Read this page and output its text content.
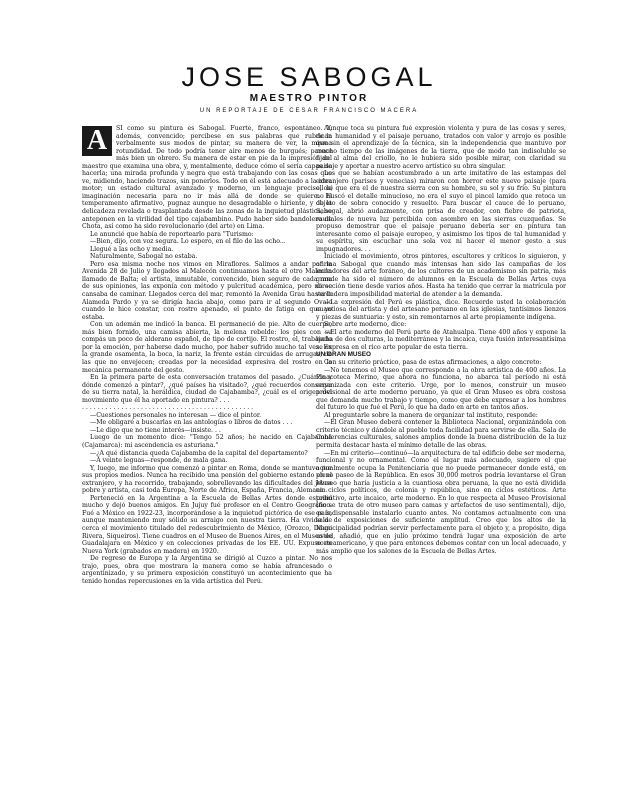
JOSE SABOGAL
MAESTRO PINTOR
UN REPORTAJE DE CESAR FRANCISCO MACERA
A	SI como su pintura es Sabogal. Fuerte, franco, espontáneo. Y, además, convencido; percibese en sus palabras que rubrican verbalmente sus modos de pintar, su manera de ver, la misma rotundidad. De todo podría tener aire menos de burgués; parece más bien un obrero. Su manera de estar en pie da la impresión del maestro que examina una obra, y, mentalmente, deduce cómo el sería capas de hacerla; una mirada profunda y negra que está trabajando con las cosas que ve, midiendo, haciendo trazos, sin ponerlos. Todo en él está adecuado a la idea motor; un estado cultural avanzado y moderno, un lenguaje preciso, la imaginación necesaria para no ir más allá de donde se quiere. El temperamento afirmativo, pugnaz aunque no desagradable o hiriente, y de la delicadeza revelada o trasplantada desde las zonas de la inquietud plástica, se anteponen en la virilidad del tipo cajabambino. Pudo haber sido bandolero de Chota, así como ha sido revolucionario (del arte) en Lima.

Le anuncié que había de reportearlo para "Turismo:

—Bien, dijo, con voz segura. Lo espero, en el filo de las ocho...

Llegué a las ocho y media.

Naturalmente, Sabogal no estaba.

Pero esa misma noche nos vimos en Miraflores. Salimos a andar por la Avenida 28 de Julio y llegados al Malecón continuamos hasta el otro Malecón llamado de Balta; el artista, inmutable, convencido, bien seguro de cada una de sus opiniones, las exponía con método y pulcritud académica, pero no se cansaba de caminar. Llegados cerca del mar, remontó la Avenida Grau hasta la Alameda Pardo y ya se dirigía hacia abajo, como para ir al segundo Ovalo cuando le hice constar, con rostro apenado, el punto de fatiga en que yo estaba.

Con un ademán me indicó la banca. El permaneció de pie. Alto de cuerpo, más bien fornido, una camisa abierta, la melena rebelde: los pies con su compás un poco de alderano español, de tipo de cortijo. El rostro, el, trabajado por la emoción, por haberse dado mucho, por haber sufrido mucho tal vez. En la grande osamenta, la boca, la nariz, la frente están circuidas de arrugas, de las que no envejecen; creadas por la necesidad expresiva del rostro en la mecánica permanente del gesto.

En la primera parte de esta conversación tratamos del pasado. ¿Cuándo y dónde comenzó a pintar?, ¿qué países ha visitado?, ¿qué recuerdos conserva de su tierra natal, la heráldica, ciudad de Cajabamba?, ¿cuál es el origen del movimiento que él ha aportado en pintura? . . .

. . . . . . . . . . . . . . . . . . . . . . . . . . . . . . . . . . . . . . . . . . . .

—Cuestiones personales no interesan — dice el pintor.

—Me obligaré a buscarlas en las antologías o libros de datos . . .

—Le digo que no tiene interés—insiste. . .

Luego de un momento dice: "Tengo 52 años; he nacido en Cajabamba (Cajamarca): mi ascendencia es asturiana."

—¿A qué distancia queda Cajabamba de la capital del departamento?

—A veinte leguas—responde, de mala gana.

Y, luego, me informo que comenzó a pintar en Roma, donde se mantuvo por sus propios medios. Nunca ha recibido una pensión del gobierno estando en el extranjero, y ha recorrido, trabajando, sobrellevando las dificultades del joven pobre y artista, casi toda Europa, Norte de Africa, España, Francia, Alemania.

Perteneció en la Argentina a la Escuela de Bellas Artes donde estudió mucho y dejó buenos amigos. En Jujuy fué profesor en el Centro Geográfico. Fué a México en 1922-23, incorporándose a la inquietud pictórica de ese país, aunque manteniendo muy sólido su arraigo con nuestra tierra. Ha vivido de cerca el movimiento titulado del redescubrimiento de México, (Orozco, Diego Rivera, Siqueiros). Tiene cuadros en el Museo de Buenos Aires, en el Museo de Guadalajara en México y en colecciones privadas de los EE. UU. Expuso en Nueva York (grabados en madera) en 1920.

De regreso de Europa y la Argentina se dirigió al Cuzco a pintar. No nos trajo, pues, obra que mostrara la manera como se había afrancesado o argentinizado, y su primera exposición constituyó un acontecimiento que ha tenido hondas repercusiones en la vida artística del Perú.

Aunque toca su pintura fué expresión violenta y pura de las cosas y seres, de la humanidad y el paisaje peruano, tratados con valor y arrojo es posible que sin el aprendizaje de la técnica, sin la independencia que mantuvo por mucho tiempo de las imágenes de la tierra, que de modo tan indisoluble se fijan al alma del criollo, no le hubiera sido posible mirar, con claridad su paisaje y aportar a nuestro acervo artístico su obra singular.

Los que se habían acostumbrado a un arte imitativo de las estampas del extranjero (parises y venecias) miraron con horror este nuevo paisaje (para ellos) que era el de nuestra sierra con su hombre, su sol y su frío. Su pintura no buscó el detalle minucioso, no era el suyo el pincel lamido que retoca un objeto de sobra conocido y resuelto. Para buscar el cauce de lo peruano, Sabogal, abrió audazmente, con prisa de creador, con fiebre de patriota, raudales de nueva luz percibida con asombro en las sierras cuzqueñas. Se propuso demostrar que el paisaje peruano debería ser en pintura tan interesante como el paisaje europeo, y asimismo los tipos de tal humanidad y su espíritu, sin escuchar una sola voz ni hacer el menor gesto a sus impugnadores. . .

Iniciado el movimiento, otros pintores, escultores y críticos lo siguieron, y afirma Sabogal que cuando más intensas han sido las campañas de los imitadores del arte foráneo, de los cultores de un academismo sin patria, más grande ha sido el número de alumnos en la Escuela de Bellas Artes cuya dirección tiene desde varios años. Hasta ha tenido que cerrar la matrícula por verdadera imposibilidad material de atender a la demanda.

—La expresión del Perú es plástica, dice. Recuerde usted la colaboración cuantiosa del artista y del artesano peruano en las iglesias, tantísimos lienzos y piezas de suntuaria: y esto, sin remontarnos al arte propiamente indígena.

Sobre arte moderno, dice:

—El arte moderno del Perú parte de Atahualpa. Tiene 400 años y expone la lucha de dos culturas, la mediterránea y la incaica, cuya fusión interesantísima se expresa en el rico arte popular de esta tierra.

UN GRAN MUSEO

Con su criterio práctico, pasa de estas afirmaciones, a algo concreto:

—No tenemos el Museo que corresponde a la obra artística de 400 años. La Pinacoteca Merino, que ahora no funciona, no abarca tal período ni está organizada con este criterio. Urge, por lo menos, construir un museo provisional de arte moderno peruano, ya que el Gran Museo es obra costosa que demanda mucho trabajo y tiempo, como que debe expresar a los hombres del futuro lo que fué el Perú, lo que ha dado en arte en tantos años.

Al preguntarle sobre la manera de organizar tal instituto, responde:

—El Gran Museo deberá contener la Biblioteca Nacional, organizándola con criterio técnico y dándole al pueblo toda facilidad para servirse de ella. Sala de Conferencias culturales, salones amplios donde la buena distribución de la luz permita destacar hasta el mínimo detalle de las obras.

—En mi criterio—continuó—la arquitectura de tal edificio debe ser moderna, funcional y no ornamental. Como el lugar más adecuado, sugiero el que actualmente ocupa la Penitenciaría que no puede permanecer donde está, en pleno paseo de la República. En esos 30,000 metros podría levantarse el Gran Museo que haría justicia a la cuantiosa obra peruana, la que no está dividida en ciclos políticos, de colonia y república, sino en ciclos estéticos. Arte primitivo, arte incaico, arte moderno. En lo que respecta al Museo Provisional (no se trata de otro museo para camas y artefactos de uso sentimental), dijo, es indispensable instalarlo cuanto antes. No contamos actualmente con una sala de exposiciones de suficiente amplitud. Creo que los altos de la Municipalidad podrían servir perfectamente para el objeto y, a propósito, diga usted, añadió, que en julio próximo tendrá lugar una exposición de arte norteamericano, y que para entonces debemos contar con un local adecuado, y más amplio que los salones de la Escuela de Bellas Artes.
